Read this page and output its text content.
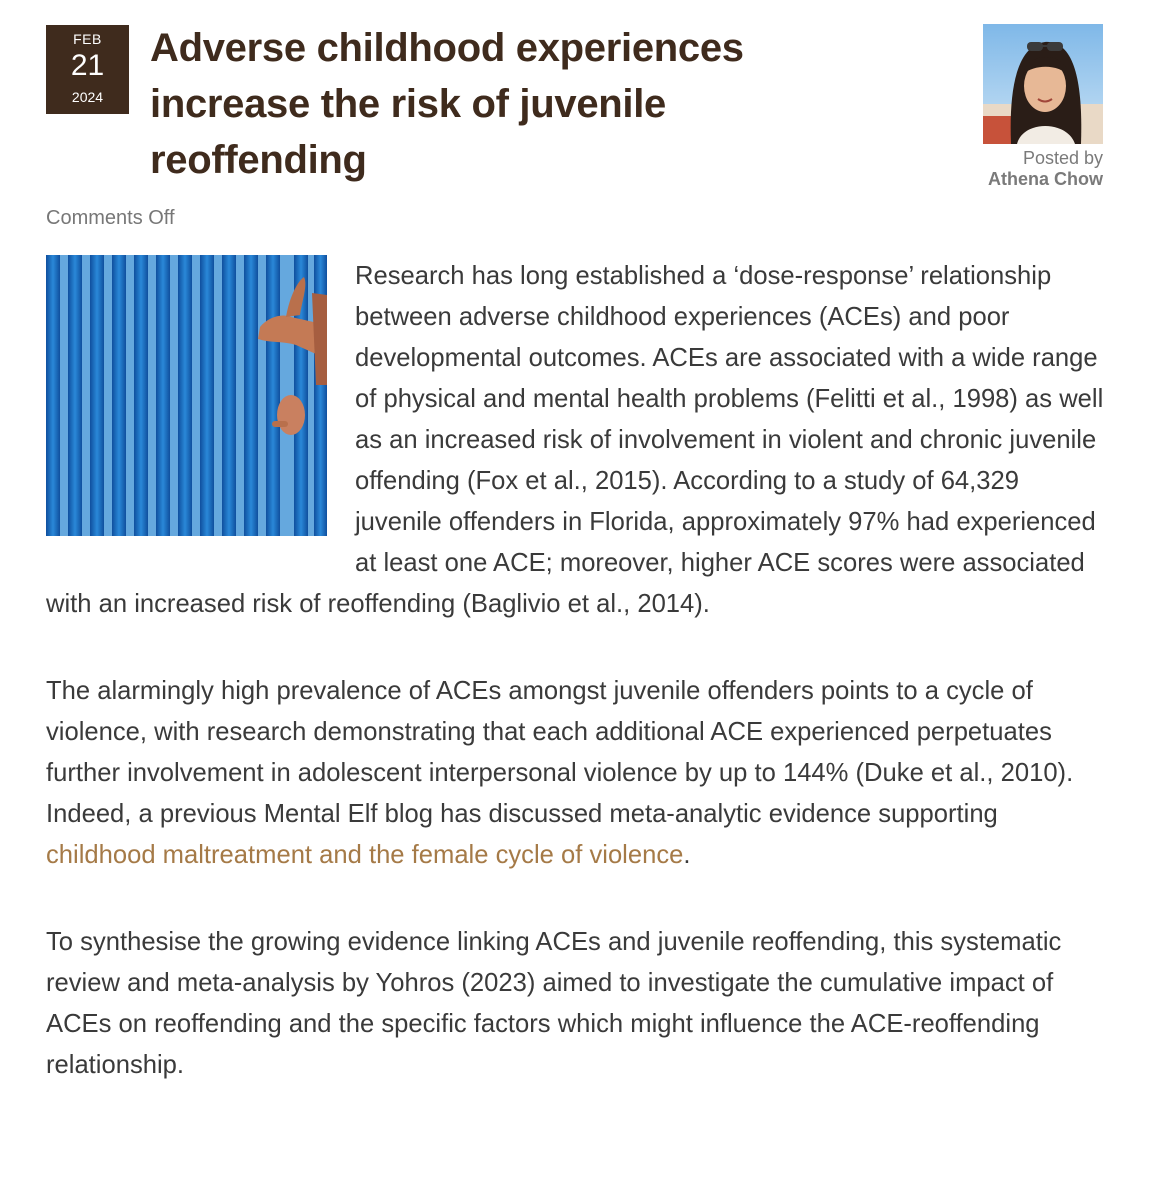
FEB
21
2024
Adverse childhood experiences increase the risk of juvenile reoffending	Posted by
Athena Chow
Comments Off

Research has long established a ‘dose-response’ relationship between adverse childhood experiences (ACEs) and poor developmental outcomes. ACEs are associated with a wide range of physical and mental health problems (Felitti et al., 1998) as well as an increased risk of involvement in violent and chronic juvenile offending (Fox et al., 2015). According to a study of 64,329 juvenile offenders in Florida, approximately 97% had experienced at least one ACE; moreover, higher ACE scores were associated with an increased risk of reoffending (Baglivio et al., 2014).

The alarmingly high prevalence of ACEs amongst juvenile offenders points to a cycle of violence, with research demonstrating that each additional ACE experienced perpetuates further involvement in adolescent interpersonal violence by up to 144% (Duke et al., 2010). Indeed, a previous Mental Elf blog has discussed meta-analytic evidence supporting childhood maltreatment and the female cycle of violence.

To synthesise the growing evidence linking ACEs and juvenile reoffending, this systematic review and meta-analysis by Yohros (2023) aimed to investigate the cumulative impact of ACEs on reoffending and the specific factors which might influence the ACE-reoffending relationship.
